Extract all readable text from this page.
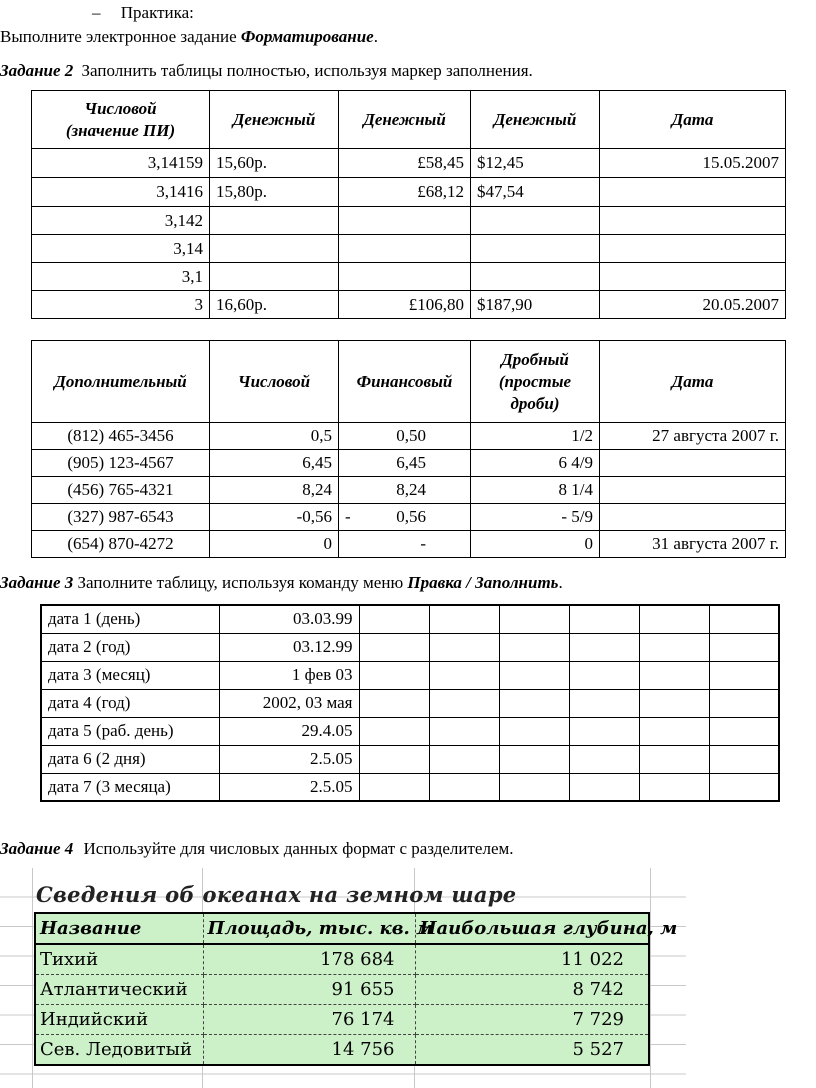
– Практика:
Выполните электронное задание Форматирование.
Задание 2 Заполнить таблицы полностью, используя маркер заполнения.
Числовой
(значение ПИ)	Денежный	Денежный	Денежный	Дата
3,14159	15,60р.	£58,45	$12,45	15.05.2007
3,1416	15,80р.	£68,12	$47,54	
3,142				
3,14				
3,1				
3	16,60р.	£106,80	$187,90	20.05.2007
Дополнительный	Числовой	Финансовый	Дробный
(простые
дроби)	Дата
(812) 465-3456	0,5	0,50	1/2	27 августа 2007 г.
(905) 123-4567	6,45	6,45	6 4/9	
(456) 765-4321	8,24	8,24	8 1/4	
(327) 987-6543	-0,56	- 0,56	- 5/9	
(654) 870-4272	0	-	0	31 августа 2007 г.
Задание 3 Заполните таблицу, используя команду меню Правка / Заполнить.
дата 1 (день)	03.03.99						
дата 2 (год)	03.12.99						
дата 3 (месяц)	1 фев 03						
дата 4 (год)	2002, 03 мая						
дата 5 (раб. день)	29.4.05						
дата 6 (2 дня)	2.5.05						
дата 7 (3 месяца)	2.5.05						
Задание 4 Используйте для числовых данных формат с разделителем.
Сведения об океанах на земном шаре
Название	Площадь, тыс. кв. м	Наибольшая глубина, м
Тихий	178 684	11 022
Атлантический	91 655	8 742
Индийский	76 174	7 729
Сев. Ледовитый	14 756	5 527
